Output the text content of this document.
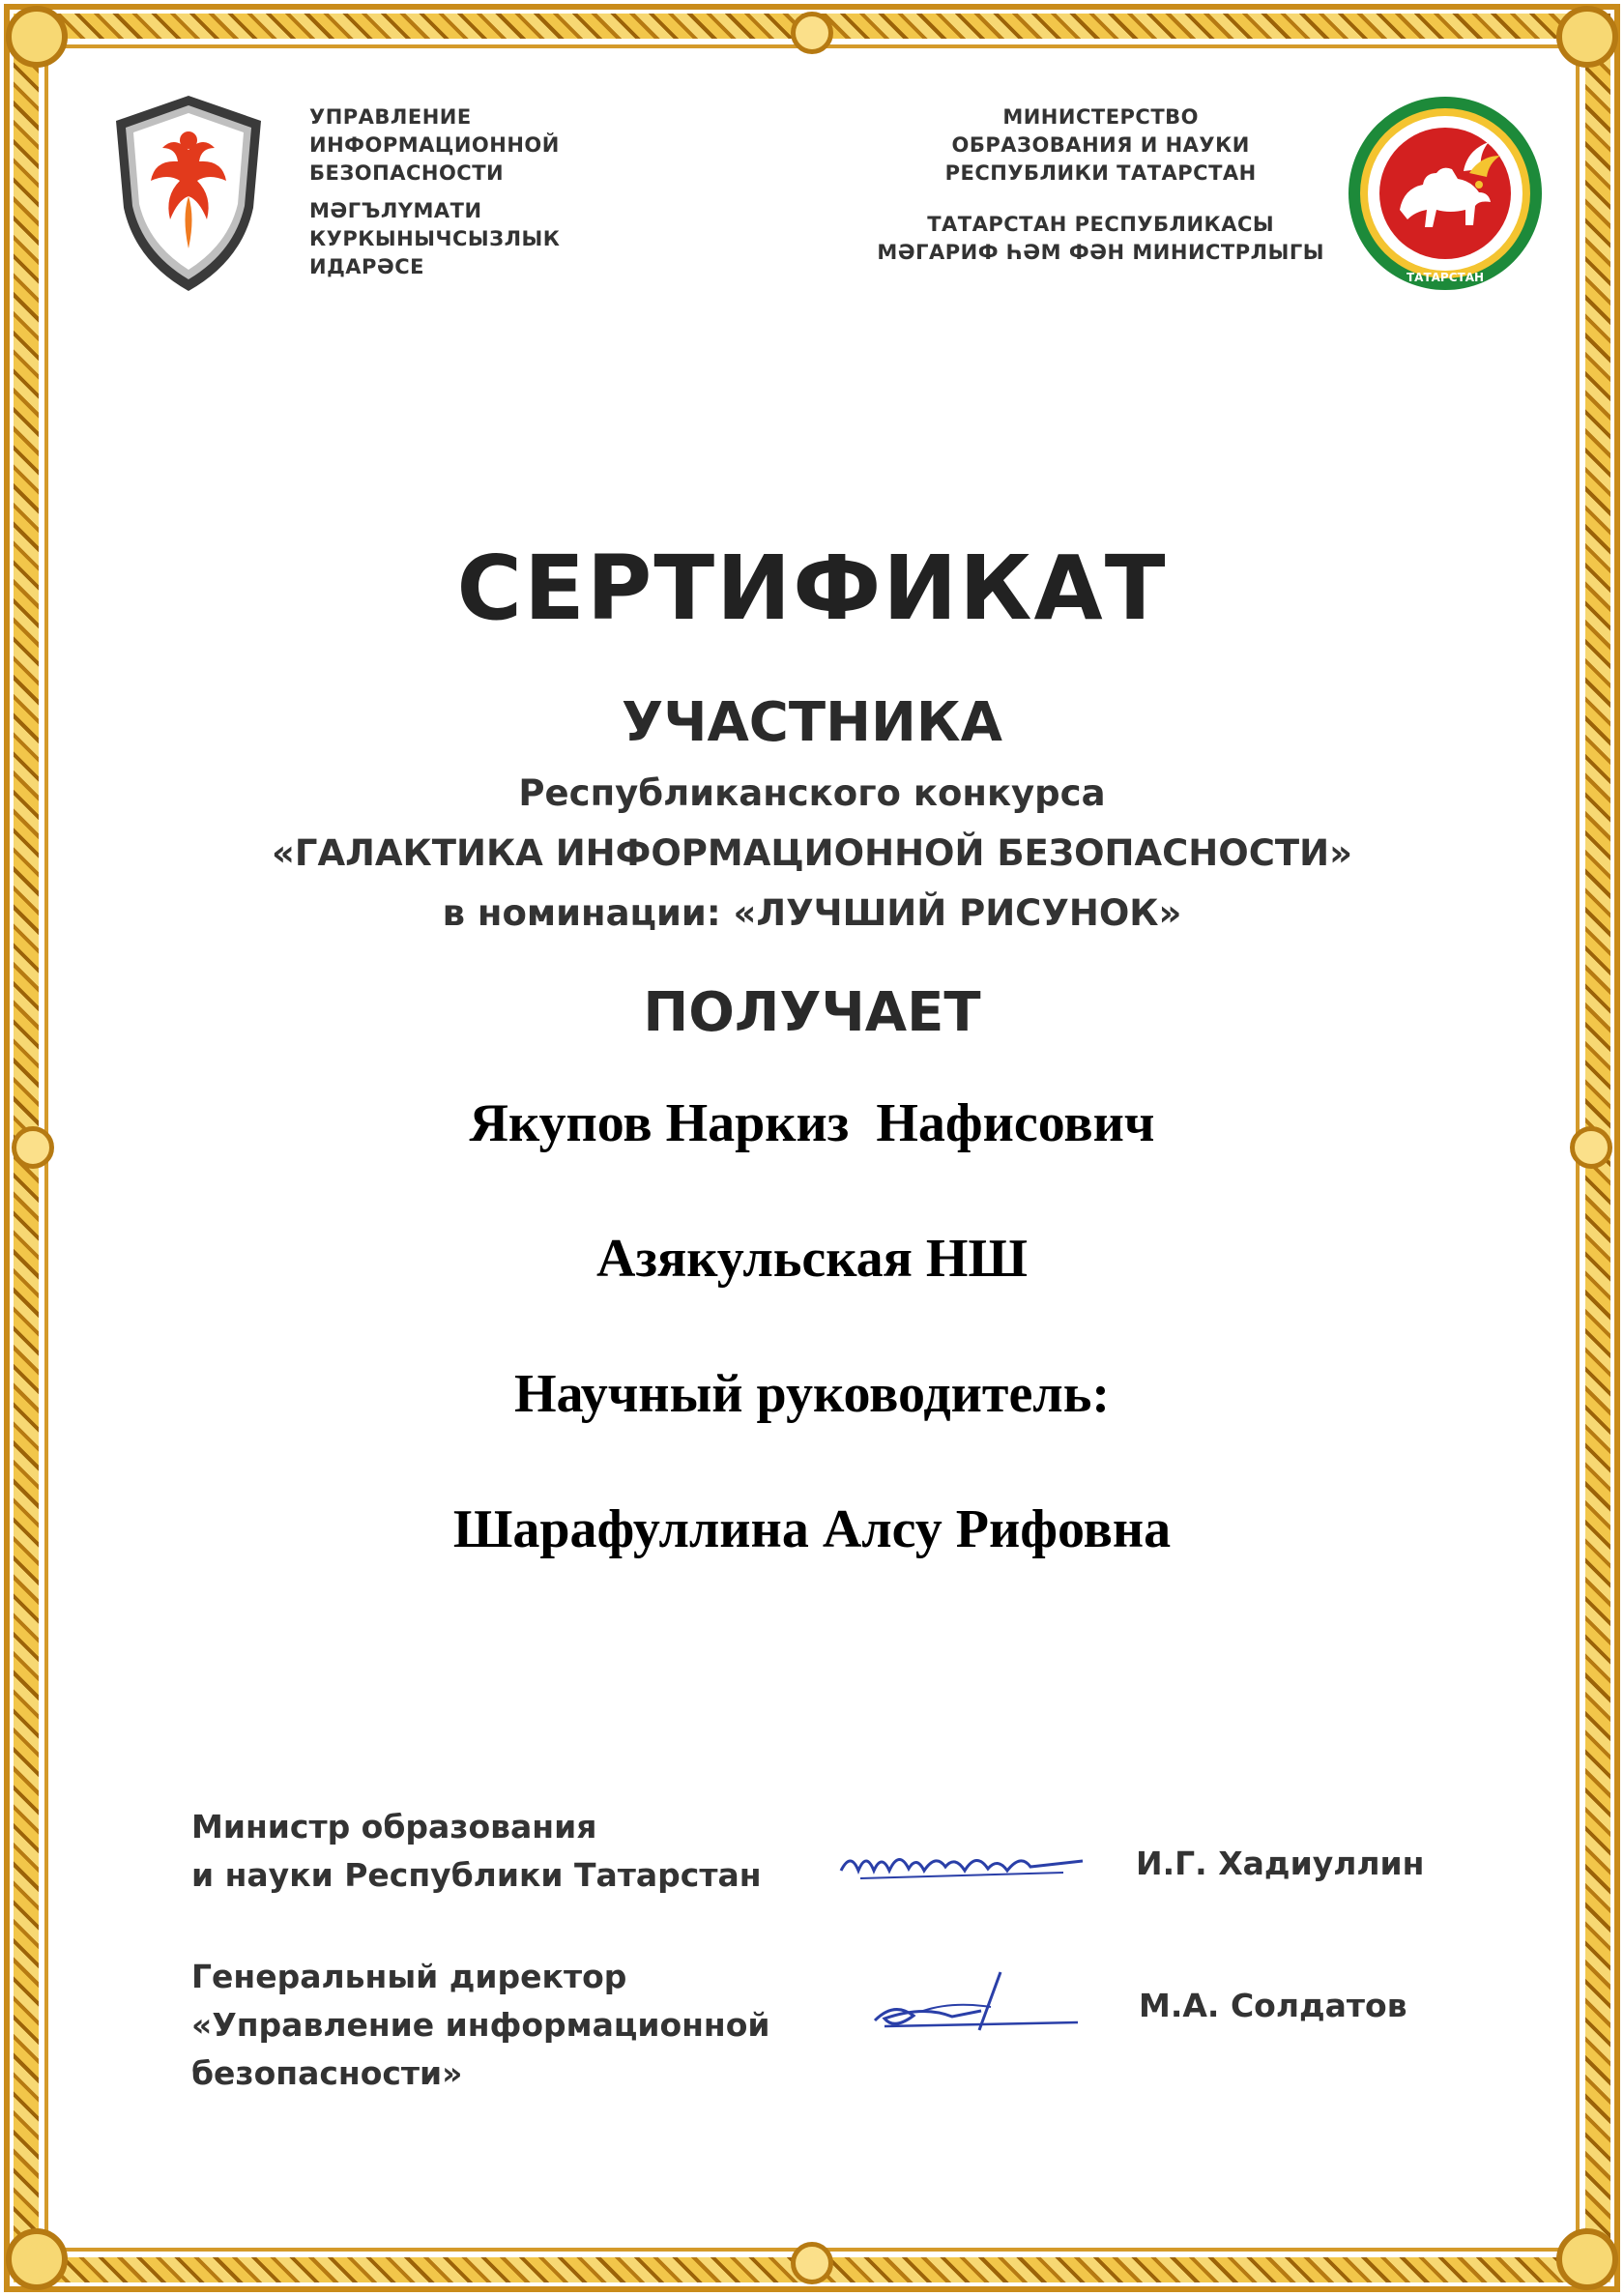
УПРАВЛЕНИЕ
ИНФОРМАЦИОННОЙ
БЕЗОПАСНОСТИ
МӘГЪЛҮМАТИ
КУРКЫНЫЧСЫЗЛЫК
ИДАРӘСЕ
МИНИСТЕРСТВО
ОБРАЗОВАНИЯ И НАУКИ
РЕСПУБЛИКИ ТАТАРСТАН
ТАТАРСТАН РЕСПУБЛИКАСЫ
МӘГАРИФ ҺӘМ ФӘН МИНИСТРЛЫГЫ
ТАТАРСТАН
СЕРТИФИКАТ
УЧАСТНИКА
Республиканского конкурса
«ГАЛАКТИКА ИНФОРМАЦИОННОЙ БЕЗОПАСНОСТИ»
в номинации: «ЛУЧШИЙ РИСУНОК»
ПОЛУЧАЕТ
Якупов Наркиз  Нафисович
Азякульская НШ
Научный руководитель:
Шарафуллина Алсу Рифовна
Министр образования
и науки Республики Татарстан	И.Г. Хадиуллин
Генеральный директор
«Управление информационной
безопасности»
М.А. Солдатов
